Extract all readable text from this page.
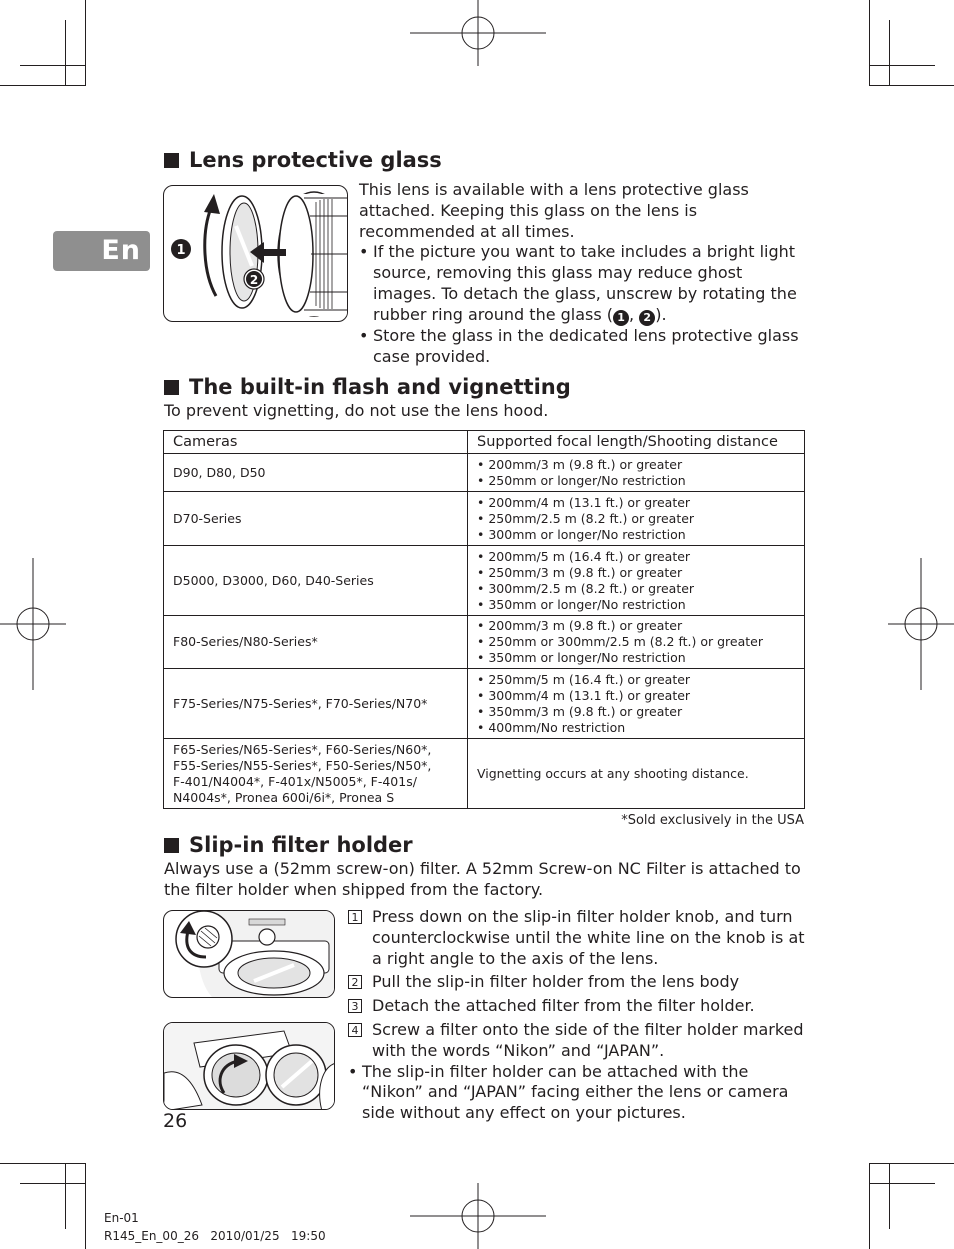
En
Lens protective glass
1
2
This lens is available with a lens protective glass attached. Keeping this glass on the lens is recommended at all times.
• If the picture you want to take includes a bright light source, removing this glass may reduce ghost images. To detach the glass, unscrew by rotating the rubber ring around the glass ( 1 , 2 ).
• Store the glass in the dedicated lens protective glass case provided.
The built-in flash and vignetting
To prevent vignetting, do not use the lens hood.
Cameras	Supported focal length/Shooting distance
D90, D80, D50	• 200mm/3 m (9.8 ft.) or greater
• 250mm or longer/No restriction

D70-Series	• 200mm/4 m (13.1 ft.) or greater
• 250mm/2.5 m (8.2 ft.) or greater
• 300mm or longer/No restriction

D5000, D3000, D60, D40-Series	• 200mm/5 m (16.4 ft.) or greater
• 250mm/3 m (9.8 ft.) or greater
• 300mm/2.5 m (8.2 ft.) or greater
• 350mm or longer/No restriction

F80-Series/N80-Series*	• 200mm/3 m (9.8 ft.) or greater
• 250mm or 300mm/2.5 m (8.2 ft.) or greater
• 350mm or longer/No restriction

F75-Series/N75-Series*, F70-Series/N70*	• 250mm/5 m (16.4 ft.) or greater
• 300mm/4 m (13.1 ft.) or greater
• 350mm/3 m (9.8 ft.) or greater
• 400mm/No restriction

F65-Series/N65-Series*, F60-Series/N60*,
F55-Series/N55-Series*, F50-Series/N50*,
F-401/N4004*, F-401x/N5005*, F-401s/
N4004s*, Pronea 600i/6i*, Pronea S	Vignetting occurs at any shooting distance.
*Sold exclusively in the USA
Slip-in filter holder
Always use a (52mm screw-on) filter. A 52mm Screw-on NC Filter is attached to the filter holder when shipped from the factory.
1 Press down on the slip-in filter holder knob, and turn counterclockwise until the white line on the knob is at a right angle to the axis of the lens.
2 Pull the slip-in filter holder from the lens body
3 Detach the attached filter from the filter holder.
4 Screw a filter onto the side of the filter holder marked with the words “Nikon” and “JAPAN”.
• The slip-in filter holder can be attached with the “Nikon” and “JAPAN” facing either the lens or camera side without any effect on your pictures.
26
En-01
R145_En_00_26   2010/01/25   19:50
